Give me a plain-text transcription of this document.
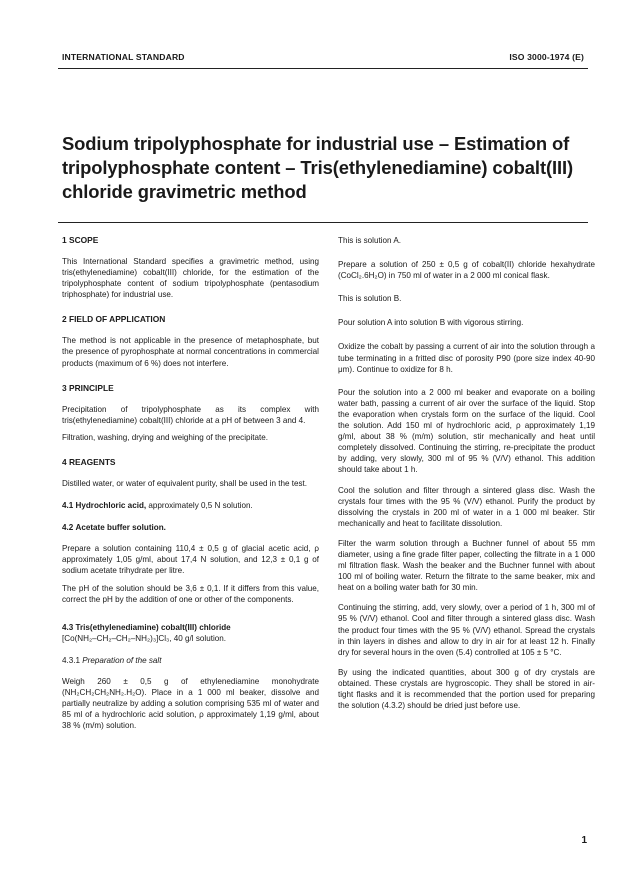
INTERNATIONAL STANDARD	ISO 3000-1974 (E)

Sodium tripolyphosphate for industrial use – Estimation of
tripolyphosphate content – Tris(ethylenediamine) cobalt(III)
chloride gravimetric method
1 SCOPE

This International Standard specifies a gravimetric method, using tris(ethylenediamine) cobalt(III) chloride, for the estimation of the tripolyphosphate content of sodium tripolyphosphate (pentasodium triphosphate) for industrial use.

2 FIELD OF APPLICATION

The method is not applicable in the presence of metaphosphate, but the presence of pyrophosphate at normal concentrations in commercial products (maximum of 6 %) does not interfere.

3 PRINCIPLE

Precipitation of tripolyphosphate as its complex with tris(ethylenediamine) cobalt(III) chloride at a pH of between 3 and 4.

Filtration, washing, drying and weighing of the precipitate.

4 REAGENTS

Distilled water, or water of equivalent purity, shall be used in the test.

4.1 Hydrochloric acid, approximately 0,5 N solution.

4.2 Acetate buffer solution.

Prepare a solution containing 110,4 ± 0,5 g of glacial acetic acid, ρ approximately 1,05 g/ml, about 17,4 N solution, and 12,3 ± 0,1 g of sodium acetate trihydrate per litre.

The pH of the solution should be 3,6 ± 0,1. If it differs from this value, correct the pH by the addition of one or other of the components.

4.3 Tris(ethylenediamine) cobalt(III) chloride

[Co(NH₂–CH₂–CH₂–NH₂)₃]Cl₃, 40 g/l solution.

4.3.1 Preparation of the salt

Weigh 260 ± 0,5 g of ethylenediamine monohydrate (NH₂CH₂CH₂NH₂.H₂O). Place in a 1 000 ml beaker, dissolve and partially neutralize by adding a solution comprising 535 ml of water and 85 ml of a hydrochloric acid solution, ρ approximately 1,19 g/ml, about 38 % (m/m) solution.

This is solution A.

Prepare a solution of 250 ± 0,5 g of cobalt(II) chloride hexahydrate (CoCl₂.6H₂O) in 750 ml of water in a 2 000 ml conical flask.

This is solution B.

Pour solution A into solution B with vigorous stirring.

Oxidize the cobalt by passing a current of air into the solution through a tube terminating in a fritted disc of porosity P90 (pore size index 40-90 μm). Continue to oxidize for 8 h.

Pour the solution into a 2 000 ml beaker and evaporate on a boiling water bath, passing a current of air over the surface of the liquid. Stop the evaporation when crystals form on the surface of the liquid. Cool the solution. Add 150 ml of hydrochloric acid, ρ approximately 1,19 g/ml, about 38 % (m/m) solution, stir mechanically and heat until completely dissolved. Continuing the stirring, re-precipitate the product by adding, very slowly, 300 ml of 95 % (V/V) ethanol. This addition should take about 1 h.

Cool the solution and filter through a sintered glass disc. Wash the crystals four times with the 95 % (V/V) ethanol. Purify the product by dissolving the crystals in 200 ml of water in a 1 000 ml beaker. Stir mechanically and heat to facilitate dissolution.

Filter the warm solution through a Buchner funnel of about 55 mm diameter, using a fine grade filter paper, collecting the filtrate in a 1 000 ml filtration flask. Wash the beaker and the Buchner funnel with about 100 ml of boiling water. Return the filtrate to the same beaker, mix and heat on a boiling water bath for 30 min.

Continuing the stirring, add, very slowly, over a period of 1 h, 300 ml of 95 % (V/V) ethanol. Cool and filter through a sintered glass disc. Wash the product four times with the 95 % (V/V) ethanol. Spread the crystals in thin layers in dishes and allow to dry in air for at least 12 h. Finally dry for several hours in the oven (5.4) controlled at 105 ± 5 °C.

By using the indicated quantities, about 300 g of dry crystals are obtained. These crystals are hygroscopic. They shall be stored in air-tight flasks and it is recommended that the portion used for preparing the solution (4.3.2) should be dried just before use.

1
